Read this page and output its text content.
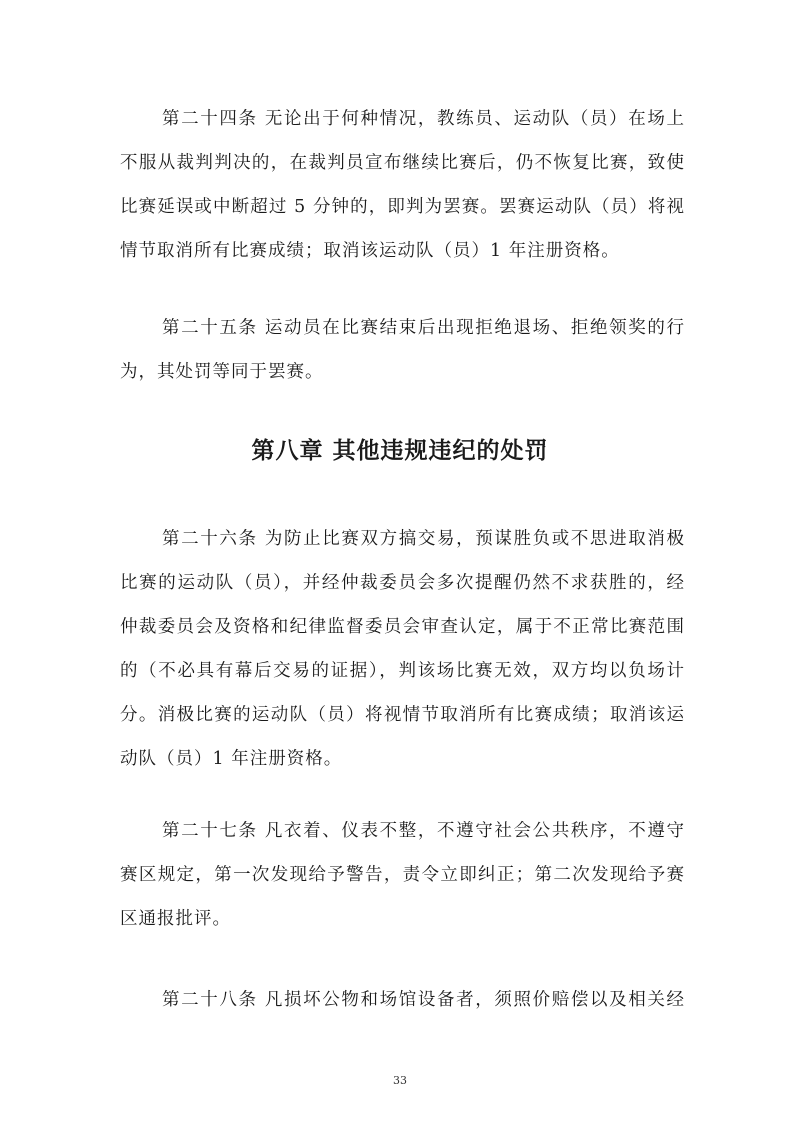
第二十四条 无论出于何种情况，教练员、运动队（员）在场上
不服从裁判判决的，在裁判员宣布继续比赛后，仍不恢复比赛，致使
比赛延误或中断超过 5 分钟的，即判为罢赛。罢赛运动队（员）将视
情节取消所有比赛成绩；取消该运动队（员）1 年注册资格。
第二十五条 运动员在比赛结束后出现拒绝退场、拒绝领奖的行
为，其处罚等同于罢赛。
第八章 其他违规违纪的处罚
第二十六条 为防止比赛双方搞交易，预谋胜负或不思进取消极
比赛的运动队（员），并经仲裁委员会多次提醒仍然不求获胜的，经
仲裁委员会及资格和纪律监督委员会审查认定，属于不正常比赛范围
的（不必具有幕后交易的证据），判该场比赛无效，双方均以负场计
分。消极比赛的运动队（员）将视情节取消所有比赛成绩；取消该运
动队（员）1 年注册资格。
第二十七条 凡衣着、仪表不整，不遵守社会公共秩序，不遵守
赛区规定，第一次发现给予警告，责令立即纠正；第二次发现给予赛
区通报批评。
第二十八条 凡损坏公物和场馆设备者，须照价赔偿以及相关经
33
